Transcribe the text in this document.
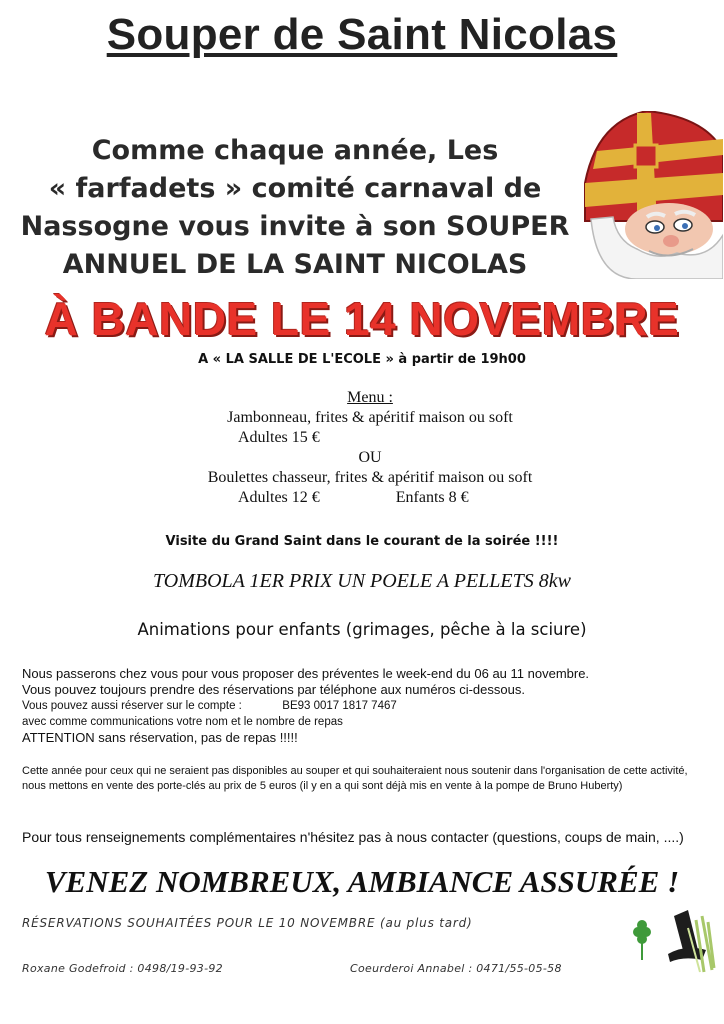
Souper de Saint Nicolas
Comme chaque année, Les
« farfadets » comité carnaval de
Nassogne vous invite à son SOUPER
ANNUEL DE LA SAINT NICOLAS
À BANDE LE 14 NOVEMBRE
A « LA SALLE DE L'ECOLE » à partir de 19h00
Menu :
Jambonneau, frites & apéritif maison ou soft
Adultes 15 €
OU
Boulettes chasseur, frites & apéritif maison ou soft
Adultes 12 €	Enfants 8 €
Visite du Grand Saint dans le courant de la soirée !!!!
TOMBOLA 1ER PRIX UN POELE A PELLETS 8kw
Animations pour enfants (grimages, pêche à la sciure)
Nous passerons chez vous pour vous proposer des préventes le week-end du 06 au 11 novembre.
Vous pouvez toujours prendre des réservations par téléphone aux numéros ci-dessous.
Vous pouvez aussi réserver sur le compte :	BE93 0017 1817 7467
avec comme communications votre nom et le nombre de repas
ATTENTION sans réservation, pas de repas !!!!!
Cette année pour ceux qui ne seraient pas disponibles au souper et qui souhaiteraient nous soutenir dans l'organisation de cette activité, nous mettons en vente des porte-clés au prix de 5 euros (il y en a qui sont déjà mis en vente à la pompe de Bruno Huberty)
Pour tous renseignements complémentaires n'hésitez pas à nous contacter (questions, coups de main, ....)
VENEZ NOMBREUX, AMBIANCE ASSURÉE !
RÉSERVATIONS SOUHAITÉES POUR LE 10 NOVEMBRE (au plus tard)
Roxane Godefroid : 0498/19-93-92	Coeurderoi Annabel : 0471/55-05-58
